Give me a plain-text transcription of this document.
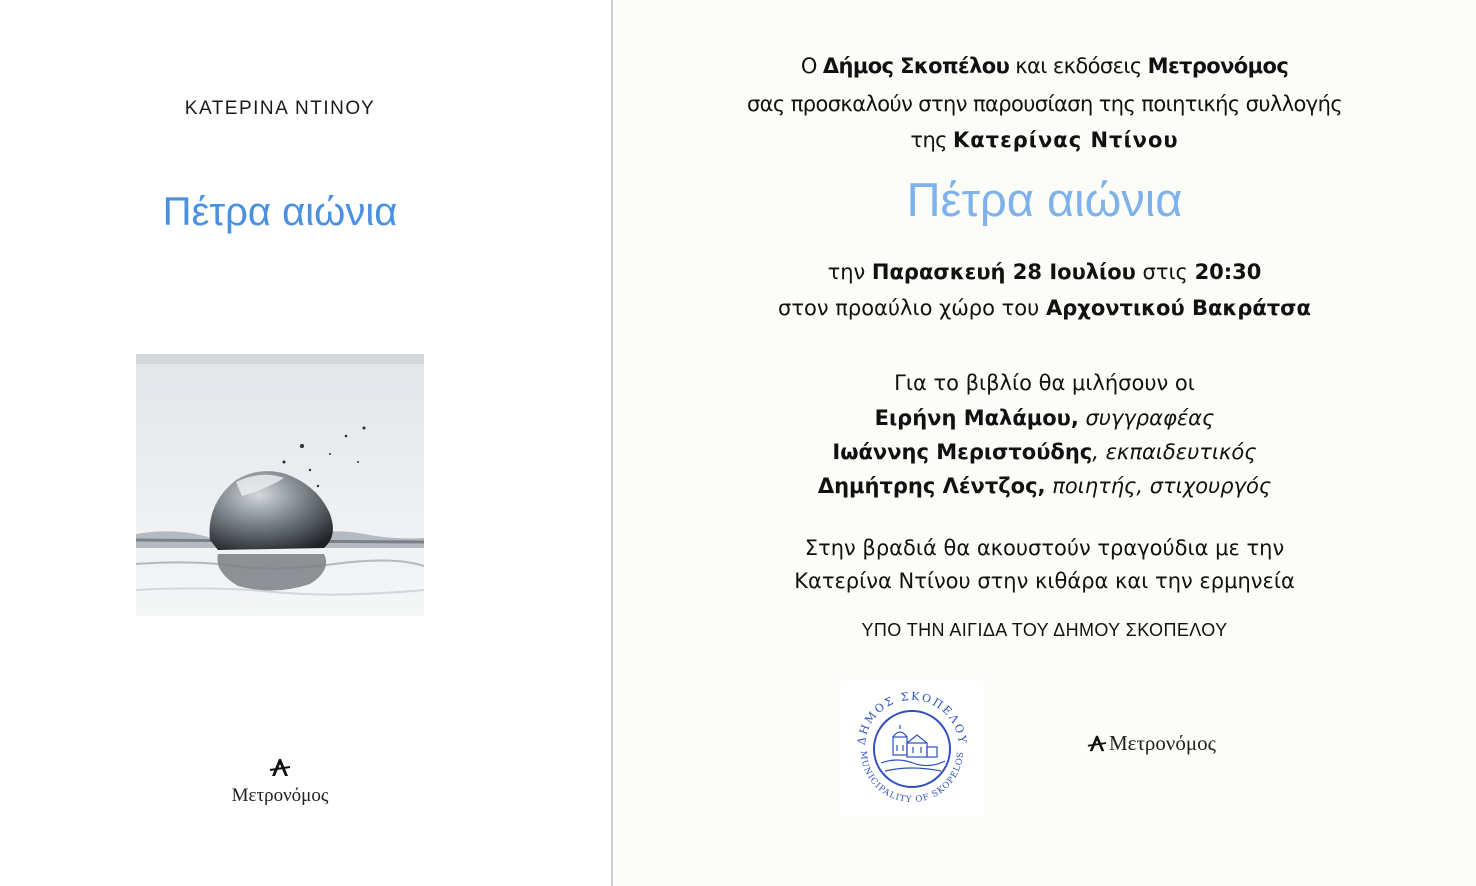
ΚΑΤΕΡΙΝΑ ΝΤΙΝΟΥ
Πέτρα αιώνια
Μετρονόμος
Ο Δήμος Σκοπέλου και εκδόσεις Μετρονόμος
σας προσκαλούν στην παρουσίαση της ποιητικής συλλογής
της Κατερίνας Ντίνου
Πέτρα αιώνια
την Παρασκευή 28 Ιουλίου στις 20:30
στον προαύλιο χώρο του Αρχοντικού Βακράτσα
Για το βιβλίο θα μιλήσουν οι
Ειρήνη Μαλάμου, συγγραφέας
Ιωάννης Μεριστούδης, εκπαιδευτικός
Δημήτρης Λέντζος, ποιητής, στιχουργός
Στην βραδιά θα ακουστούν τραγούδια με την
Κατερίνα Ντίνου στην κιθάρα και την ερμηνεία
ΥΠΟ ΤΗΝ ΑΙΓΙΔΑ ΤΟΥ ΔΗΜΟΥ ΣΚΟΠΕΛΟΥ
ΔΗΜΟΣ ΣΚΟΠΕΛΟΥ
MUNICIPALITY OF SKOPELOS	Μετρονόμος
